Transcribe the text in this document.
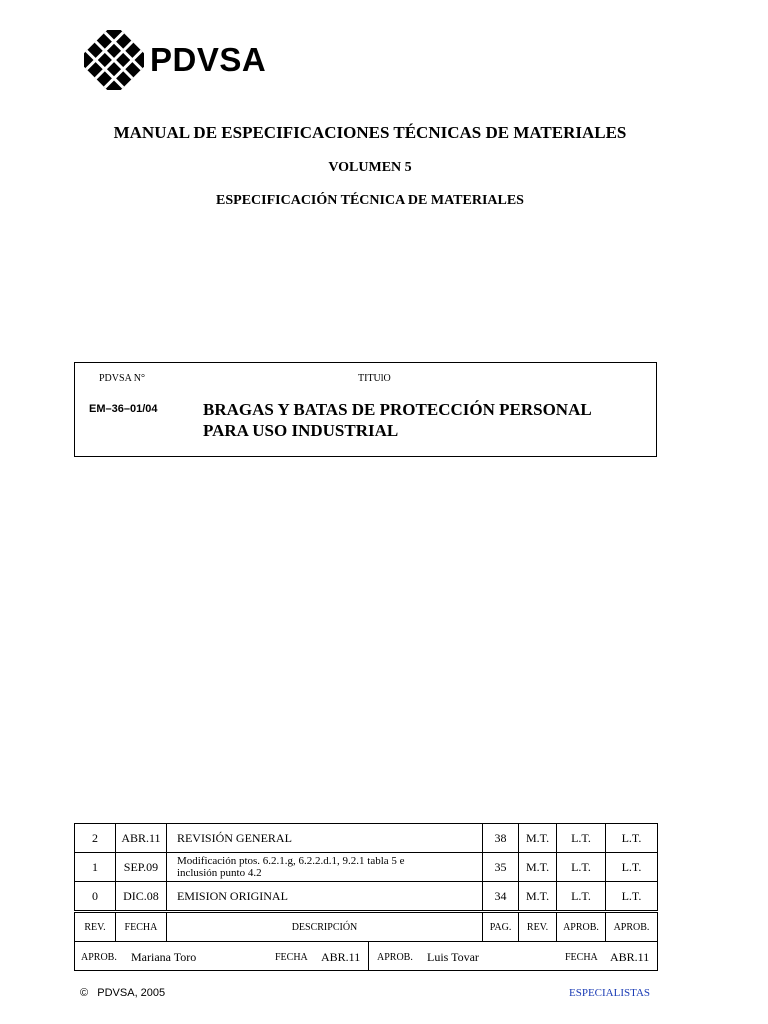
PDVSA
MANUAL DE ESPECIFICACIONES TÉCNICAS DE MATERIALES
VOLUMEN 5
ESPECIFICACIÓN TÉCNICA DE MATERIALES
PDVSA N°	TITUlO
EM–36–01/04	BRAGAS Y BATAS DE PROTECCIÓN PERSONAL
PARA USO INDUSTRIAL
2	ABR.11	REVISIÓN GENERAL	38	M.T.	L.T.	L.T.
1	SEP.09	Modificación ptos. 6.2.1.g, 6.2.2.d.1, 9.2.1 tabla 5 e
inclusión punto 4.2	35	M.T.	L.T.	L.T.
0	DIC.08	EMISION ORIGINAL	34	M.T.	L.T.	L.T.
REV.	FECHA	DESCRIPCIÓN	PAG.	REV.	APROB.	APROB.
APROB. Mariana Toro	FECHA ABR.11 APROB. Luis Tovar	FECHA ABR.11
© PDVSA, 2005	ESPECIALISTAS
